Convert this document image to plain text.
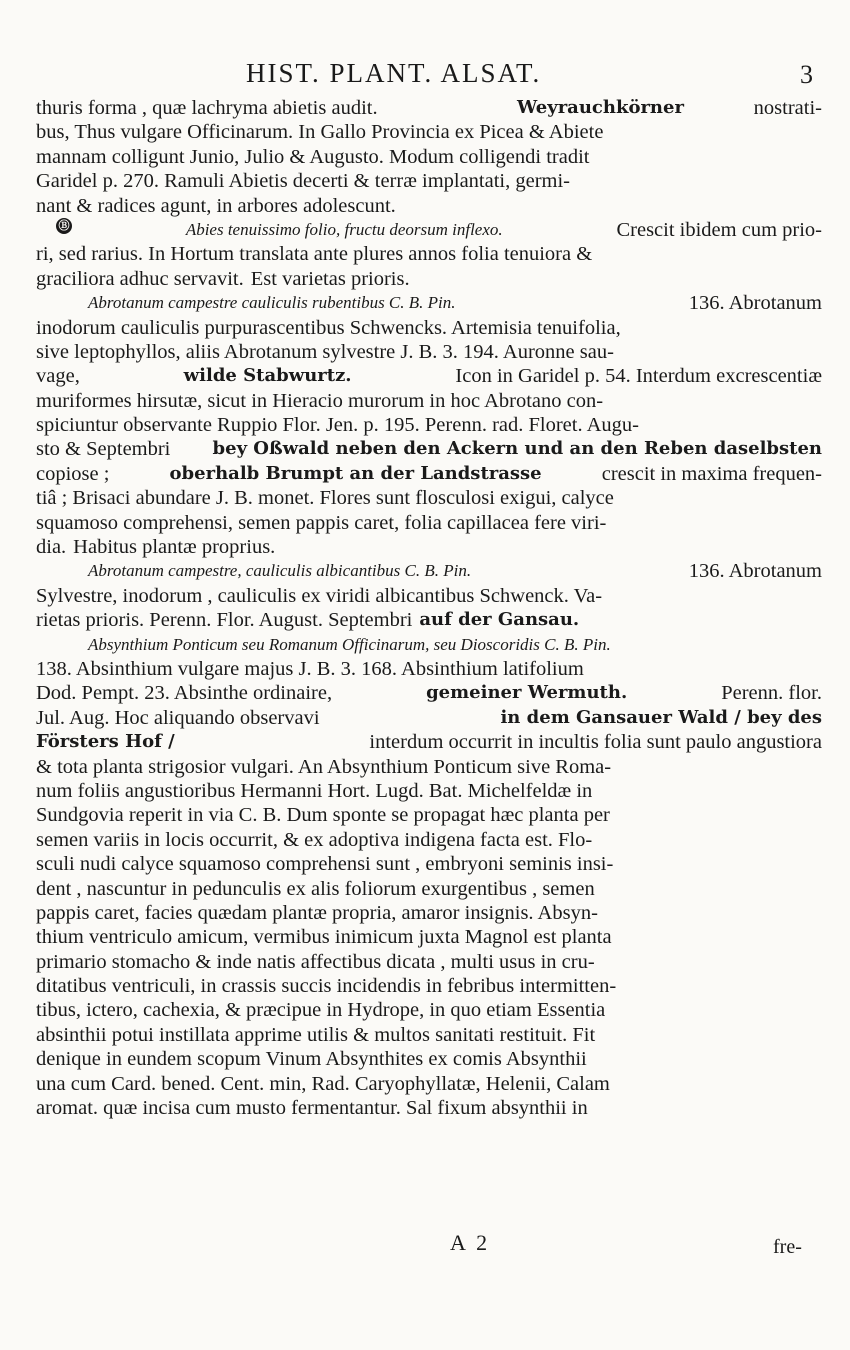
HIST. PLANT. ALSAT.	3
thuris forma , quæ lachryma abietis audit.	Weyrauchkörner	nostrati-
bus, Thus vulgare Officinarum. In Gallo Provincia ex Picea & Abiete
mannam colligunt Junio, Julio & Augusto. Modum colligendi tradit
Garidel p. 270. Ramuli Abietis decerti & terræ implantati, germi-
nant & radices agunt, in arbores adolescunt.
Ⓑ	Abies tenuissimo folio, fructu deorsum inflexo.	Crescit ibidem cum prio-
ri, sed rarius. In Hortum translata ante plures annos folia tenuiora &
graciliora adhuc servavit. Est varietas prioris.
Abrotanum campestre cauliculis rubentibus C. B. Pin.	136. Abrotanum
inodorum cauliculis purpurascentibus Schwencks. Artemisia tenuifolia,
sive leptophyllos, aliis Abrotanum sylvestre J. B. 3. 194. Auronne sau-
vage,	wilde Stabwurtz.	Icon in Garidel p. 54. Interdum excrescentiæ
muriformes hirsutæ, sicut in Hieracio murorum in hoc Abrotano con-
spiciuntur observante Ruppio Flor. Jen. p. 195. Perenn. rad. Floret. Augu-
sto & Septembri bey Oßwald neben den Ackern und an den Reben daselbsten
copiose ;	oberhalb Brumpt an der Landstrasse	crescit in maxima frequen-
tiâ ; Brisaci abundare J. B. monet. Flores sunt flosculosi exigui, calyce
squamoso comprehensi, semen pappis caret, folia capillacea fere viri-
dia. Habitus plantæ proprius.
Abrotanum campestre, cauliculis albicantibus C. B. Pin.	136. Abrotanum
Sylvestre, inodorum , cauliculis ex viridi albicantibus Schwenck. Va-
rietas prioris. Perenn. Flor. August. Septembri auf der Gansau.
Absynthium Ponticum seu Romanum Officinarum, seu Dioscoridis C. B. Pin.
138. Absinthium vulgare majus J. B. 3. 168. Absinthium latifolium
Dod. Pempt. 23. Absinthe ordinaire,	gemeiner Wermuth.	Perenn. flor.
Jul. Aug. Hoc aliquando observavi	in dem Gansauer Wald / bey des
Försters Hof /	interdum occurrit in incultis folia sunt paulo angustiora
& tota planta strigosior vulgari. An Absynthium Ponticum sive Roma-
num foliis angustioribus Hermanni Hort. Lugd. Bat. Michelfeldæ in
Sundgovia reperit in via C. B. Dum sponte se propagat hæc planta per
semen variis in locis occurrit, & ex adoptiva indigena facta est. Flo-
sculi nudi calyce squamoso comprehensi sunt , embryoni seminis insi-
dent , nascuntur in pedunculis ex alis foliorum exurgentibus , semen
pappis caret, facies quædam plantæ propria, amaror insignis. Absyn-
thium ventriculo amicum, vermibus inimicum juxta Magnol est planta
primario stomacho & inde natis affectibus dicata , multi usus in cru-
ditatibus ventriculi, in crassis succis incidendis in febribus intermitten-
tibus, ictero, cachexia, & præcipue in Hydrope, in quo etiam Essentia
absinthii potui instillata apprime utilis & multos sanitati restituit. Fit
denique in eundem scopum Vinum Absynthites ex comis Absynthii
una cum Card. bened. Cent. min, Rad. Caryophyllatæ, Helenii, Calam
aromat. quæ incisa cum musto fermentantur. Sal fixum absynthii in
A 2	fre-
